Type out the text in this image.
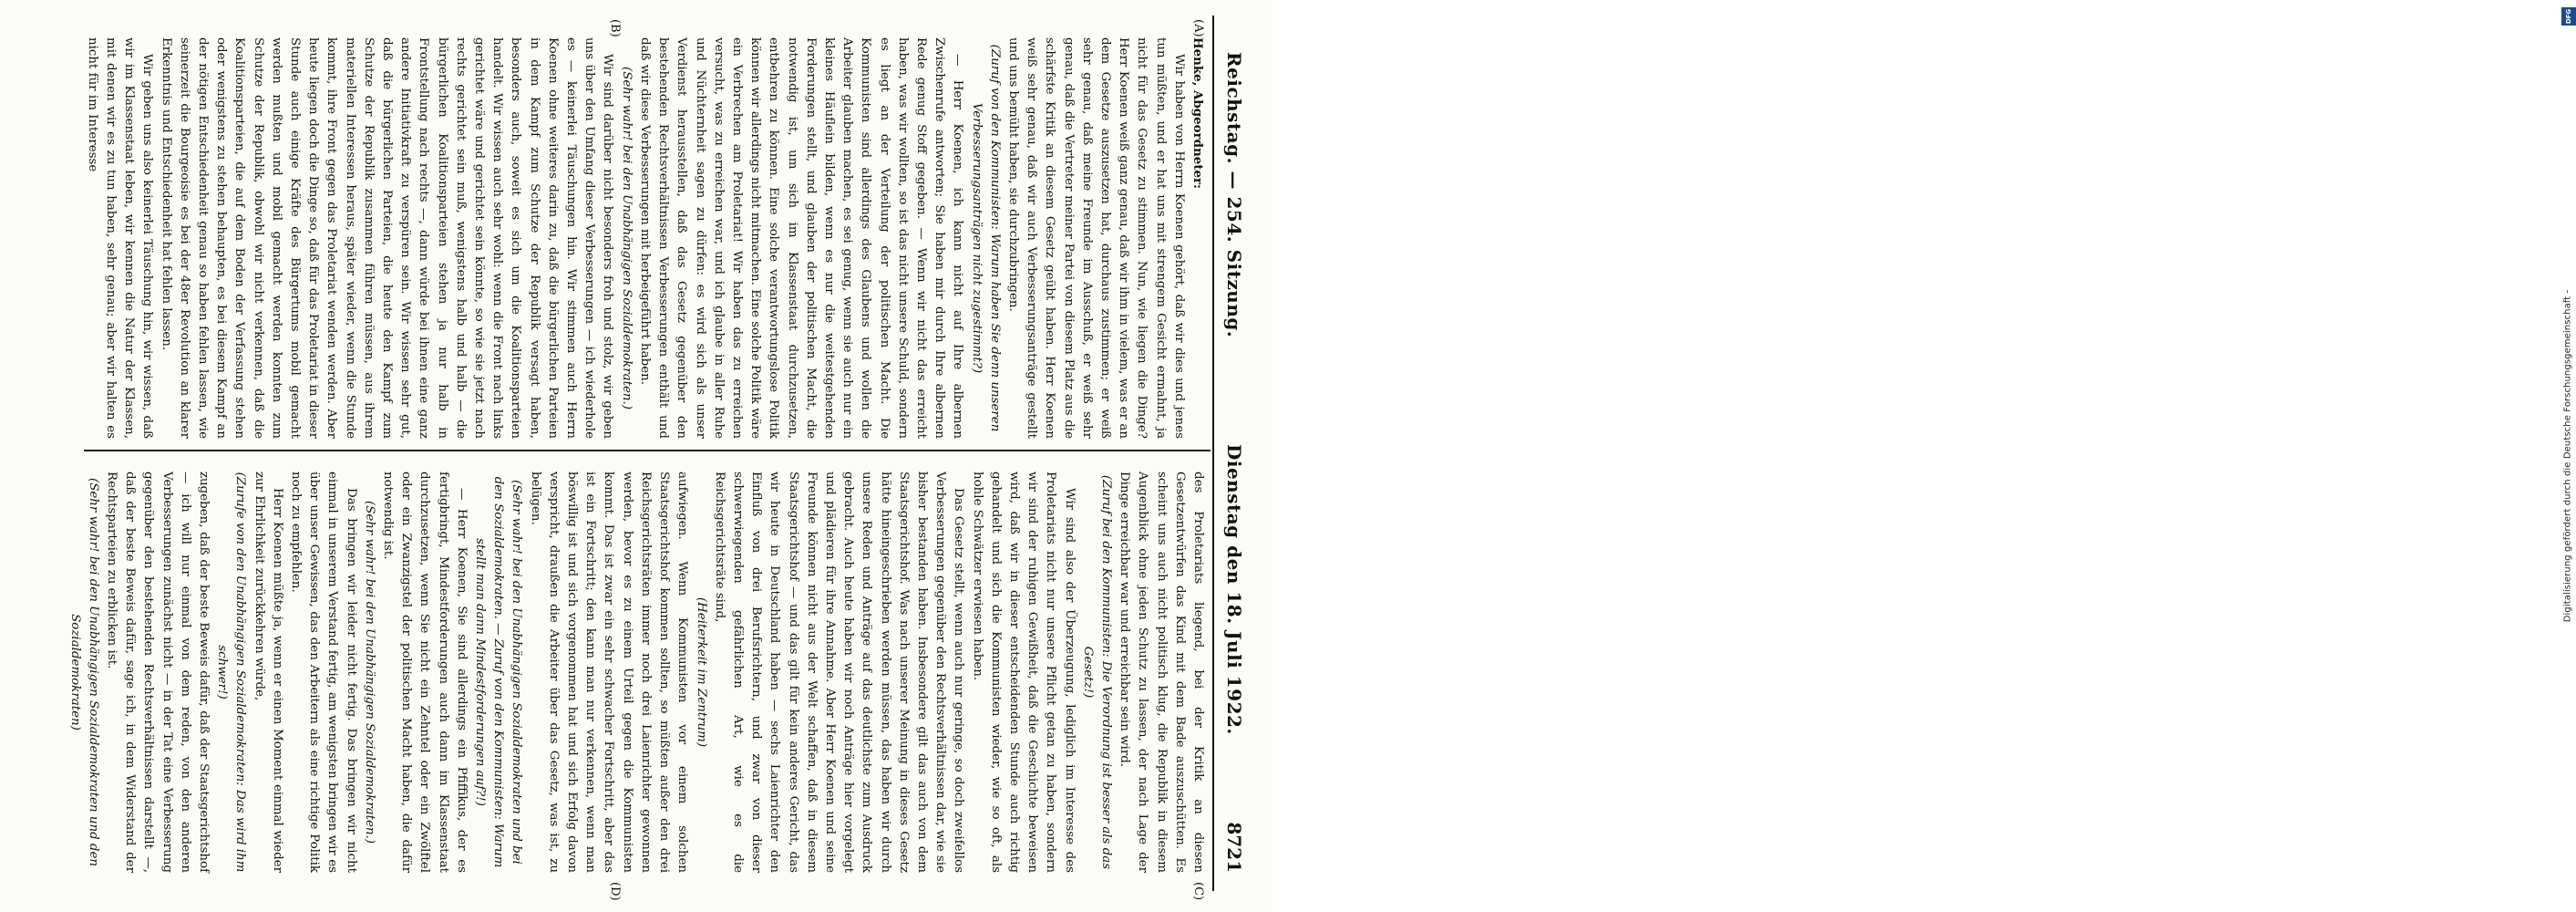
Reichstag. — 254. Sitzung.
Dienstag den 18. Juli 1922.
8721
(A)
(B)

Henke, Abgeordneter:

Wir haben von Herrn Koenen gehört, daß wir dies und jenes tun müßten, und er hat uns mit strengem Gesicht ermahnt, ja nicht für das Gesetz zu stimmen. Nun, wie liegen die Dinge? Herr Koenen weiß ganz genau, daß wir ihm in vielem, was er an dem Gesetze auszusetzen hat, durchaus zustimmen; er weiß sehr genau, daß meine Freunde im Ausschuß, er weiß sehr genau, daß die Vertreter meiner Partei von diesem Platz aus die schärfste Kritik an diesem Gesetz geübt haben. Herr Koenen weiß sehr genau, daß wir auch Verbesserungsanträge gestellt und uns bemüht haben, sie durchzubringen.

(Zuruf von den Kommunisten: Warum haben Sie denn unseren Verbesserungsanträgen nicht zugestimmt?)

— Herr Koenen, ich kann nicht auf Ihre albernen Zwischenrufe antworten; Sie haben mir durch Ihre albernen Rede genug Stoff gegeben. — Wenn wir nicht das erreicht haben, was wir wollten, so ist das nicht unsere Schuld, sondern es liegt an der Verteilung der politischen Macht. Die Kommunisten sind allerdings des Glaubens und wollen die Arbeiter glauben machen, es sei genug, wenn sie auch nur ein kleines Häuflein bilden, wenn es nur die weitestgehenden Forderungen stellt, und glauben der politischen Macht, die notwendig ist, um sich im Klassenstaat durchzusetzen, entbehren zu können. Eine solche verantwortungslose Politik können wir allerdings nicht mitmachen. Eine solche Politik wäre ein Verbrechen am Proletariat! Wir haben das zu erreichen versucht, was zu erreichen war, und ich glaube in aller Ruhe und Nüchternheit sagen zu dürfen: es wird sich als unser Verdienst herausstellen, daß das Gesetz gegenüber den bestehenden Rechtsverhältnissen Verbesserungen enthält und daß wir diese Verbesserungen mit herbeigeführt haben.

(Sehr wahr! bei den Unabhängigen Sozialdemokraten.)

Wir sind darüber nicht besonders froh und stolz, wir geben uns über den Umfang dieser Verbesserungen — ich wiederhole es — keinerlei Täuschungen hin. Wir stimmen auch Herrn Koenen ohne weiteres darin zu, daß die bürgerlichen Parteien in dem Kampf zum Schutze der Republik versagt haben, besonders auch, soweit es sich um die Koalitionsparteien handelt. Wir wissen auch sehr wohl: wenn die Front nach links gerichtet wäre und gerichtet sein könnte, so wie sie jetzt nach rechts gerichtet sein muß, wenigstens halb und halb — die bürgerlichen Koalitionsparteien stehen ja nur halb in Frontstellung nach rechts —, dann würde bei ihnen eine ganz andere Initiativkraft zu verspüren sein. Wir wissen sehr gut, daß die bürgerlichen Parteien, die heute den Kampf zum Schutze der Republik zusammen führen müssen, aus ihrem materiellen Interessen heraus, später wieder, wenn die Stunde kommt, ihre Front gegen das Proletariat wenden werden. Aber heute liegen doch die Dinge so, daß für das Proletariat in dieser Stunde auch einige Kräfte des Bürgertums mobil gemacht werden mußten und mobil gemacht werden konnten zum Schutze der Republik, obwohl wir nicht verkennen, daß die Koalitionsparteien, die auf dem Boden der Verfassung stehen oder wenigstens zu stehen behaupten, es bei diesem Kampf an der nötigen Entschiedenheit genau so haben fehlen lassen, wie seinerzeit die Bourgeoisie es bei der 48er Revolution an klarer Erkenntnis und Entschiedenheit hat fehlen lassen.

Wir geben uns also keinerlei Täuschung hin, wir wissen, daß wir im Klassenstaat leben, wir kennen die Natur der Klassen, mit denen wir es zu tun haben, sehr genau; aber wir halten es nicht für im Interesse

(C)
(D)

des Proletariats liegend, bei der Kritik an diesen Gesetzentwürfen das Kind mit dem Bade auszuschütten. Es scheint uns auch nicht politisch klug, die Republik in diesem Augenblick ohne jeden Schutz zu lassen, der nach Lage der Dinge erreichbar war und erreichbar sein wird.

(Zuruf bei den Kommunisten: Die Verordnung ist besser als das Gesetz!)

Wir sind also der Überzeugung, lediglich im Interesse des Proletariats nicht nur unsere Pflicht getan zu haben, sondern wir sind der ruhigen Gewißheit, daß die Geschichte beweisen wird, daß wir in dieser entscheidenden Stunde auch richtig gehandelt und sich die Kommunisten wieder, wie so oft, als hohle Schwätzer erwiesen haben.

Das Gesetz stellt, wenn auch nur geringe, so doch zweifellos Verbesserungen gegenüber den Rechtsverhältnissen dar, wie sie bisher bestanden haben. Insbesondere gilt das auch von dem Staatsgerichtshof. Was nach unserer Meinung in dieses Gesetz hätte hineingeschrieben werden müssen, das haben wir durch unsere Reden und Anträge auf das deutlichste zum Ausdruck gebracht. Auch heute haben wir noch Anträge hier vorgelegt und plädieren für ihre Annahme. Aber Herr Koenen und seine Freunde können nicht aus der Welt schaffen, daß in diesem Staatsgerichtshof — und das gilt für kein anderes Gericht, das wir heute in Deutschland haben — sechs Laienrichter den Einfluß von drei Berufsrichtern, und zwar von dieser schwerwiegenden gefährlichen Art, wie es die Reichsgerichtsräte sind,

(Heiterkeit im Zentrum)

aufwiegen. Wenn Kommunisten vor einem solchen Staatsgerichtshof kommen sollten, so müßten außer den drei Reichsgerichtsräten immer noch drei Laienrichter gewonnen werden, bevor es zu einem Urteil gegen die Kommunisten kommt. Das ist zwar ein sehr schwacher Fortschritt, aber das ist ein Fortschritt; den kann man nur verkennen, wenn man böswillig ist und sich vorgenommen hat und sich Erfolg davon verspricht, draußen die Arbeiter über das Gesetz, was ist, zu belügen.

(Sehr wahr! bei den Unabhängigen Sozialdemokraten und bei den Sozialdemokraten. — Zuruf von den Kommunisten: Warum stellt man dann Mindestforderungen auf?!)

— Herr Koenen, Sie sind allerdings ein Pfiffikus, der es fertigbringt, Mindestforderungen auch dann im Klassenstaat durchzusetzen, wenn Sie nicht ein Zehntel oder ein Zwölftel oder ein Zwanzigstel der politischen Macht haben, die dafür notwendig ist.

(Sehr wahr! bei den Unabhängigen Sozialdemokraten.)

Das bringen wir leider nicht fertig. Das bringen wir nicht einmal in unserem Verstand fertig, am wenigsten bringen wir es über unser Gewissen, das den Arbeitern als eine richtige Politik noch zu empfehlen.

Herr Koenen müßte ja, wenn er einen Moment einmal wieder zur Ehrlichkeit zurückkehren würde,

(Zurufe von den Unabhängigen Sozialdemokraten: Das wird ihm schwer!)

zugeben, daß der beste Beweis dafür, daß der Staatsgerichtshof — ich will nur einmal von dem reden, von den anderen Verbesserungen zunächst nicht — in der Tat eine Verbesserung gegenüber den bestehenden Rechtsverhältnissen darstellt —, daß der beste Beweis dafür, sage ich, in dem Widerstand der Rechtsparteien zu erblicken ist.

(Sehr wahr! bei den Unabhängigen Sozialdemokraten und den Sozialdemokraten)

DFG
Digitalisierung gefördert durch die Deutsche Forschungsgemeinschaft -
